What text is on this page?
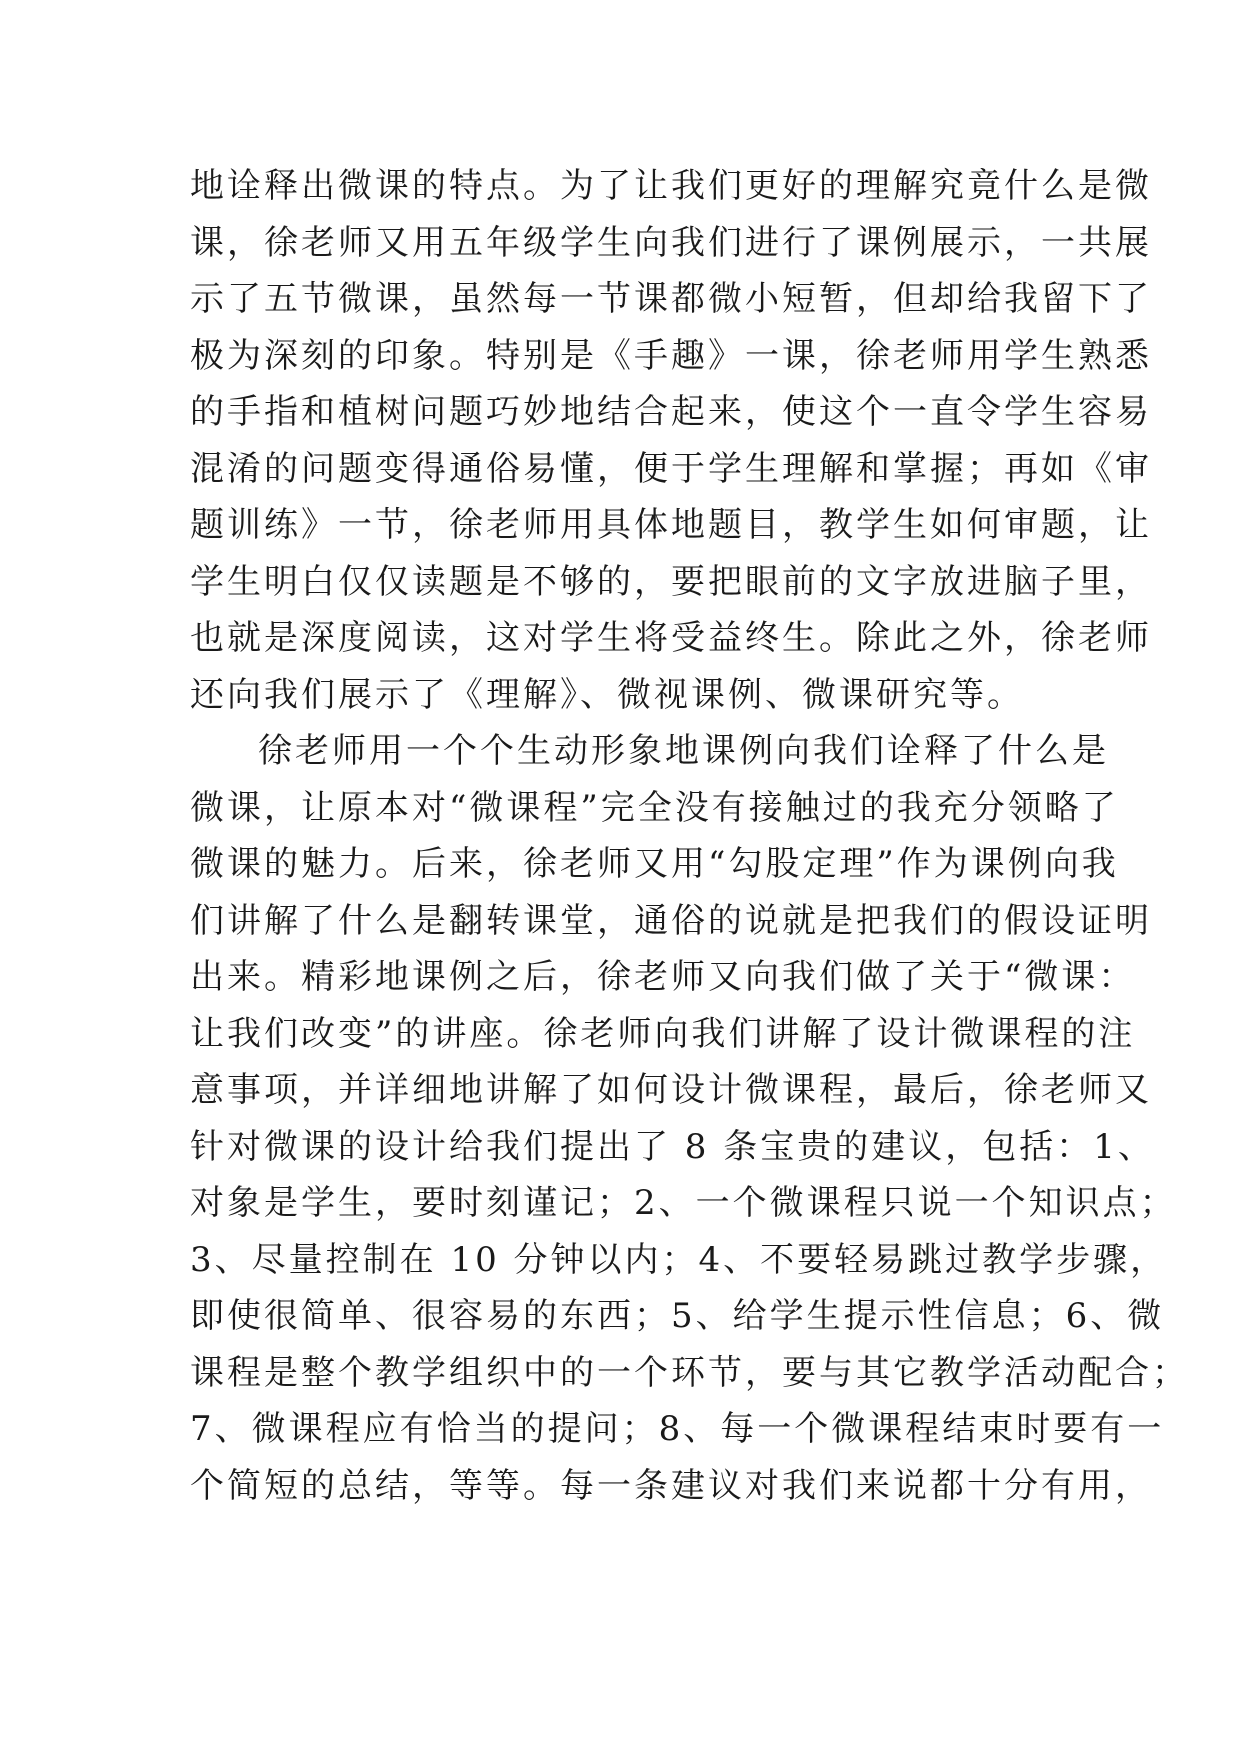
地诠释出微课的特点。为了让我们更好的理解究竟什么是微
课，徐老师又用五年级学生向我们进行了课例展示，一共展
示了五节微课，虽然每一节课都微小短暂，但却给我留下了
极为深刻的印象。特别是《手趣》一课，徐老师用学生熟悉
的手指和植树问题巧妙地结合起来，使这个一直令学生容易
混淆的问题变得通俗易懂，便于学生理解和掌握；再如《审
题训练》一节，徐老师用具体地题目，教学生如何审题，让
学生明白仅仅读题是不够的，要把眼前的文字放进脑子里，
也就是深度阅读，这对学生将受益终生。除此之外，徐老师
还向我们展示了《理解》、微视课例、微课研究等。
徐老师用一个个生动形象地课例向我们诠释了什么是
微课，让原本对“微课程”完全没有接触过的我充分领略了
微课的魅力。后来，徐老师又用“勾股定理”作为课例向我
们讲解了什么是翻转课堂，通俗的说就是把我们的假设证明
出来。精彩地课例之后，徐老师又向我们做了关于“微课：
让我们改变”的讲座。徐老师向我们讲解了设计微课程的注
意事项，并详细地讲解了如何设计微课程，最后，徐老师又
针对微课的设计给我们提出了 8 条宝贵的建议，包括：1、
对象是学生，要时刻谨记；2、一个微课程只说一个知识点；
3、尽量控制在 10 分钟以内；4、不要轻易跳过教学步骤，
即使很简单、很容易的东西；5、给学生提示性信息；6、微
课程是整个教学组织中的一个环节，要与其它教学活动配合；
7、微课程应有恰当的提问；8、每一个微课程结束时要有一
个简短的总结，等等。每一条建议对我们来说都十分有用，
